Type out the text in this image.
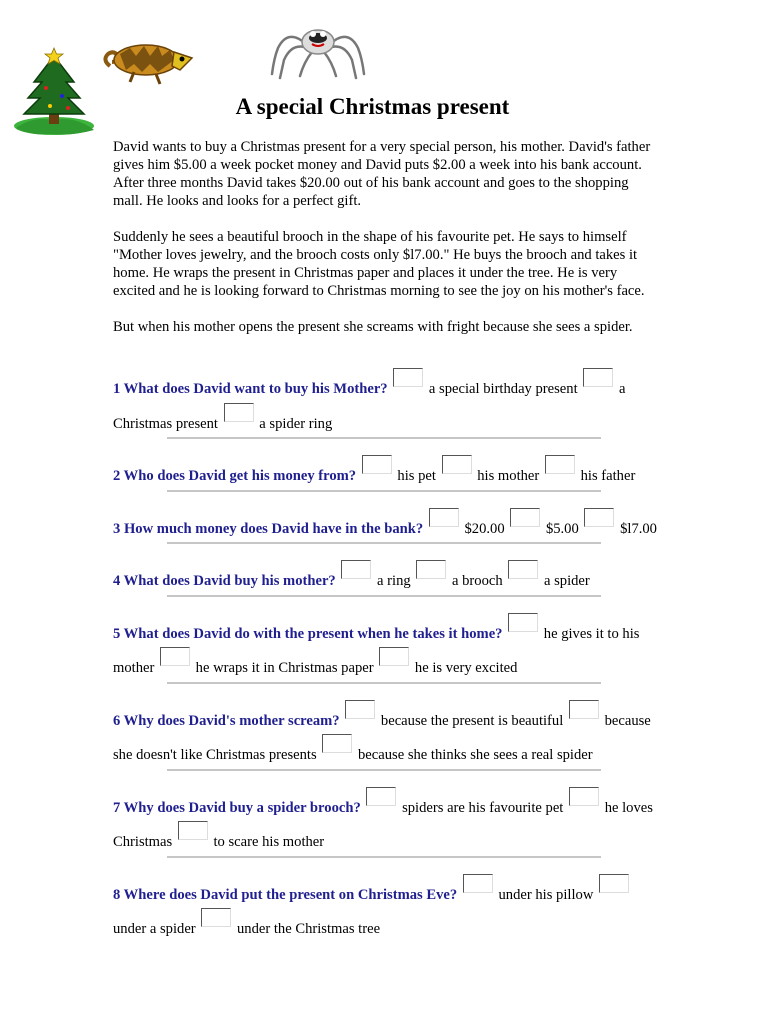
A special Christmas present

David wants to buy a Christmas present for a very special person, his mother. David's father gives him $5.00 a week pocket money and David puts $2.00 a week into his bank account. After three months David takes $20.00 out of his bank account and goes to the shopping mall. He looks and looks for a perfect gift.

Suddenly he sees a beautiful brooch in the shape of his favourite pet. He says to himself "Mother loves jewelry, and the brooch costs only $l7.00." He buys the brooch and takes it home. He wraps the present in Christmas paper and places it under the tree. He is very excited and he is looking forward to Christmas morning to see the joy on his mother's face.

But when his mother opens the present she screams with fright because she sees a spider.

1 What does David want to buy his Mother?	a special birthday present	a Christmas present	a spider ring
2 Who does David get his money from?	his pet	his mother	his father
3 How much money does David have in the bank?	$20.00	$5.00	$l7.00
4 What does David buy his mother?	a ring	a brooch	a spider
5 What does David do with the present when he takes it home?	he gives it to his mother	he wraps it in Christmas paper	he is very excited
6 Why does David's mother scream?	because the present is beautiful	because she doesn't like Christmas presents	because she thinks she sees a real spider
7 Why does David buy a spider brooch?	spiders are his favourite pet	he loves Christmas	to scare his mother
8 Where does David put the present on Christmas Eve?	under his pillow  under a spider	under the Christmas tree
